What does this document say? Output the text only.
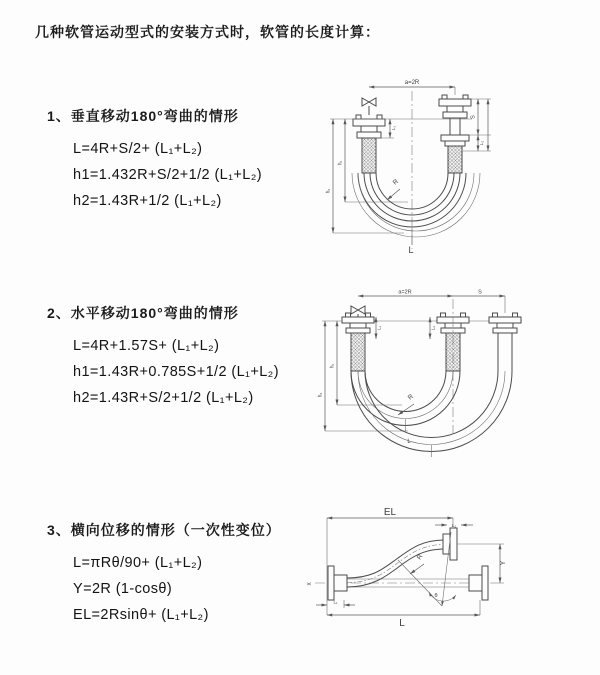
几种软管运动型式的安装方式时，软管的长度计算：
1、垂直移动180°弯曲的情形
L=4R+S/2+ (L₁+L₂)
h1=1.432R+S/2+1/2 (L₁+L₂)
h2=1.43R+1/2 (L₁+L₂)
2、水平移动180°弯曲的情形
L=4R+1.57S+ (L₁+L₂)
h1=1.43R+0.785S+1/2 (L₁+L₂)
h2=1.43R+S/2+1/2 (L₁+L₂)
3、横向位移的情形（一次性变位）
L=πRθ/90+ (L₁+L₂)
Y=2R (1-cosθ)
EL=2Rsinθ+ (L₁+L₂)
a=2R
S
L₂
L₁
h₁
h₂
R
L
a=2R	S
L₁	L₂
h₁
h₂	R
L
EL
L₂
Y
X
θ
R
L₁
L
